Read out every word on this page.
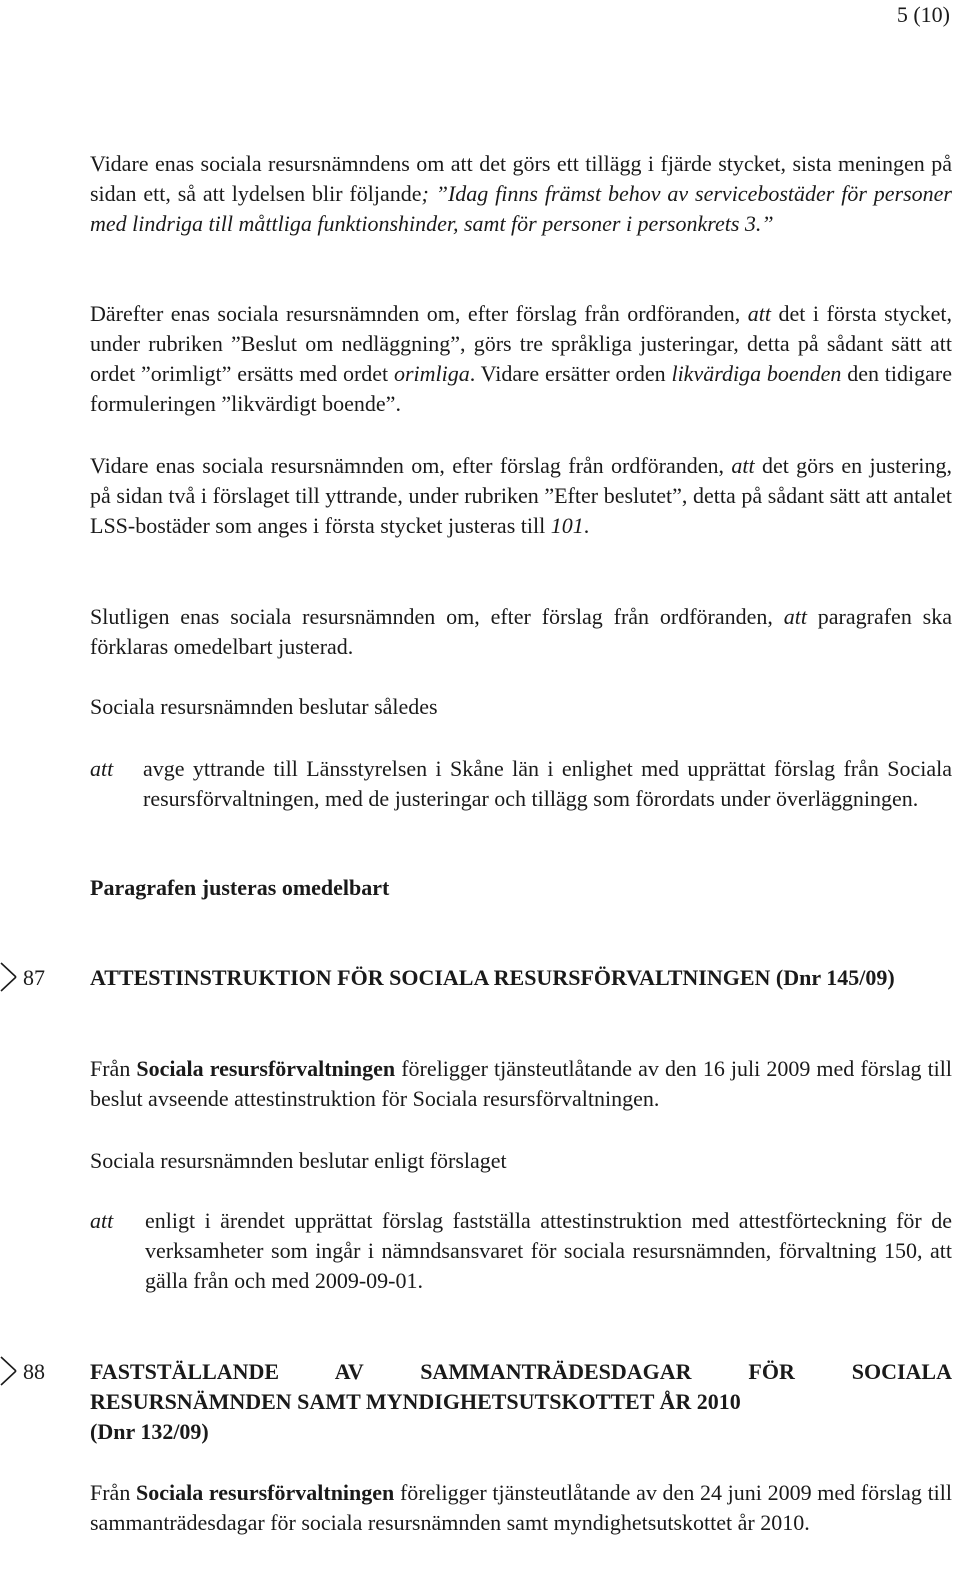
5 (10)
Vidare enas sociala resursnämndens om att det görs ett tillägg i fjärde stycket, sista meningen på sidan ett, så att lydelsen blir följande; ”Idag finns främst behov av servicebostäder för personer med lindriga till måttliga funktionshinder, samt för personer i personkrets 3.”
Därefter enas sociala resursnämnden om, efter förslag från ordföranden, att det i första stycket, under rubriken ”Beslut om nedläggning”, görs tre språkliga justeringar, detta på sådant sätt att ordet ”orimligt” ersätts med ordet orimliga. Vidare ersätter orden likvärdiga boenden den tidigare formuleringen ”likvärdigt boende”.
Vidare enas sociala resursnämnden om, efter förslag från ordföranden, att det görs en justering, på sidan två i förslaget till yttrande, under rubriken ”Efter beslutet”, detta på sådant sätt att antalet LSS-bostäder som anges i första stycket justeras till 101.
Slutligen enas sociala resursnämnden om, efter förslag från ordföranden, att paragrafen ska förklaras omedelbart justerad.
Sociala resursnämnden beslutar således
att avge yttrande till Länsstyrelsen i Skåne län i enlighet med upprättat förslag från Sociala resursförvaltningen, med de justeringar och tillägg som förordats under överläggningen.
Paragrafen justeras omedelbart
87 ATTESTINSTRUKTION FÖR SOCIALA RESURSFÖRVALTNINGEN (Dnr 145/09)
Från Sociala resursförvaltningen föreligger tjänsteutlåtande av den 16 juli 2009 med förslag till beslut avseende attestinstruktion för Sociala resursförvaltningen.
Sociala resursnämnden beslutar enligt förslaget
att enligt i ärendet upprättat förslag fastställa attestinstruktion med attestförteckning för de verksamheter som ingår i nämndsansvaret för sociala resursnämnden, förvaltning 150, att gälla från och med 2009-09-01.
88 FASTSTÄLLANDE AV SAMMANTRÄDESDAGAR FÖR SOCIALA RESURSNÄMNDEN SAMT MYNDIGHETSUTSKOTTET ÅR 2010
(Dnr 132/09)
Från Sociala resursförvaltningen föreligger tjänsteutlåtande av den 24 juni 2009 med förslag till sammanträdesdagar för sociala resursnämnden samt myndighetsutskottet år 2010.
